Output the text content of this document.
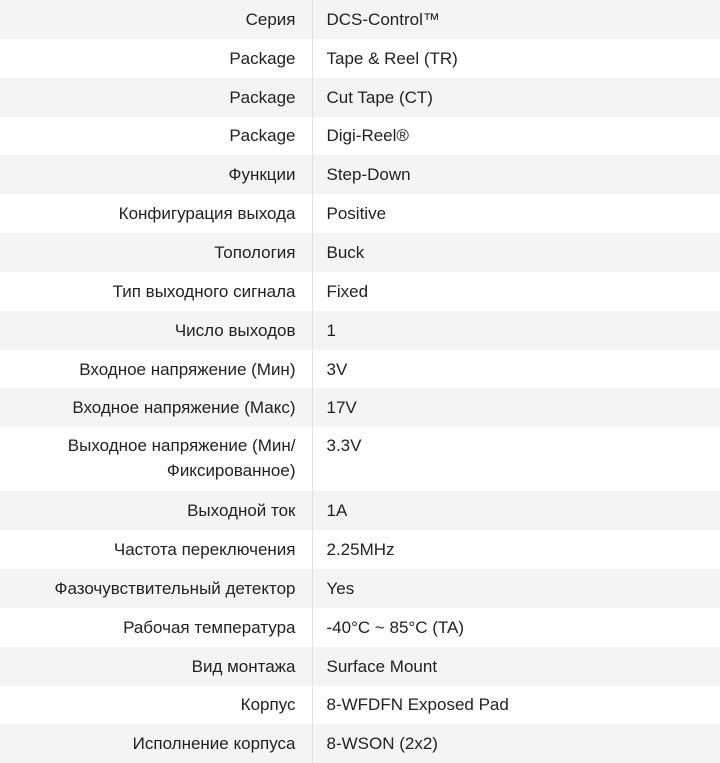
Серия	DCS-Control™
Package	Tape & Reel (TR)
Package	Cut Tape (CT)
Package	Digi-Reel®
Функции	Step-Down
Конфигурация выхода	Positive
Топология	Buck
Тип выходного сигнала	Fixed
Число выходов	1
Входное напряжение (Мин)	3V
Входное напряжение (Макс)	17V
Выходное напряжение (Мин/ Фиксированное)	3.3V
Выходной ток	1A
Частота переключения	2.25MHz
Фазочувствительный детектор	Yes
Рабочая температура	-40°C ~ 85°C (TA)
Вид монтажа	Surface Mount
Корпус	8-WFDFN Exposed Pad
Исполнение корпуса	8-WSON (2x2)
